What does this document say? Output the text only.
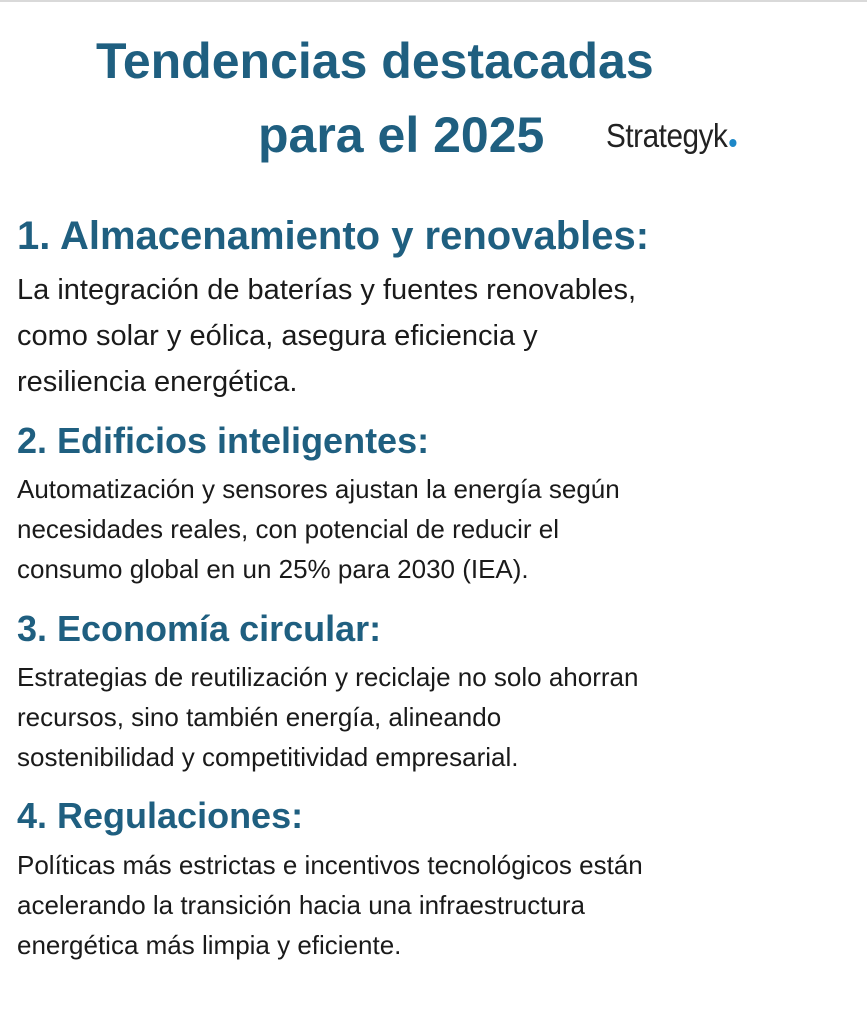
Tendencias destacadas
para el 2025 Strategyk
1. Almacenamiento y renovables:
La integración de baterías y fuentes renovables,
como solar y eólica, asegura eficiencia y
resiliencia energética.
2. Edificios inteligentes:
Automatización y sensores ajustan la energía según
necesidades reales, con potencial de reducir el
consumo global en un 25% para 2030 (IEA).
3. Economía circular:
Estrategias de reutilización y reciclaje no solo ahorran
recursos, sino también energía, alineando
sostenibilidad y competitividad empresarial.
4. Regulaciones:
Políticas más estrictas e incentivos tecnológicos están
acelerando la transición hacia una infraestructura
energética más limpia y eficiente.
